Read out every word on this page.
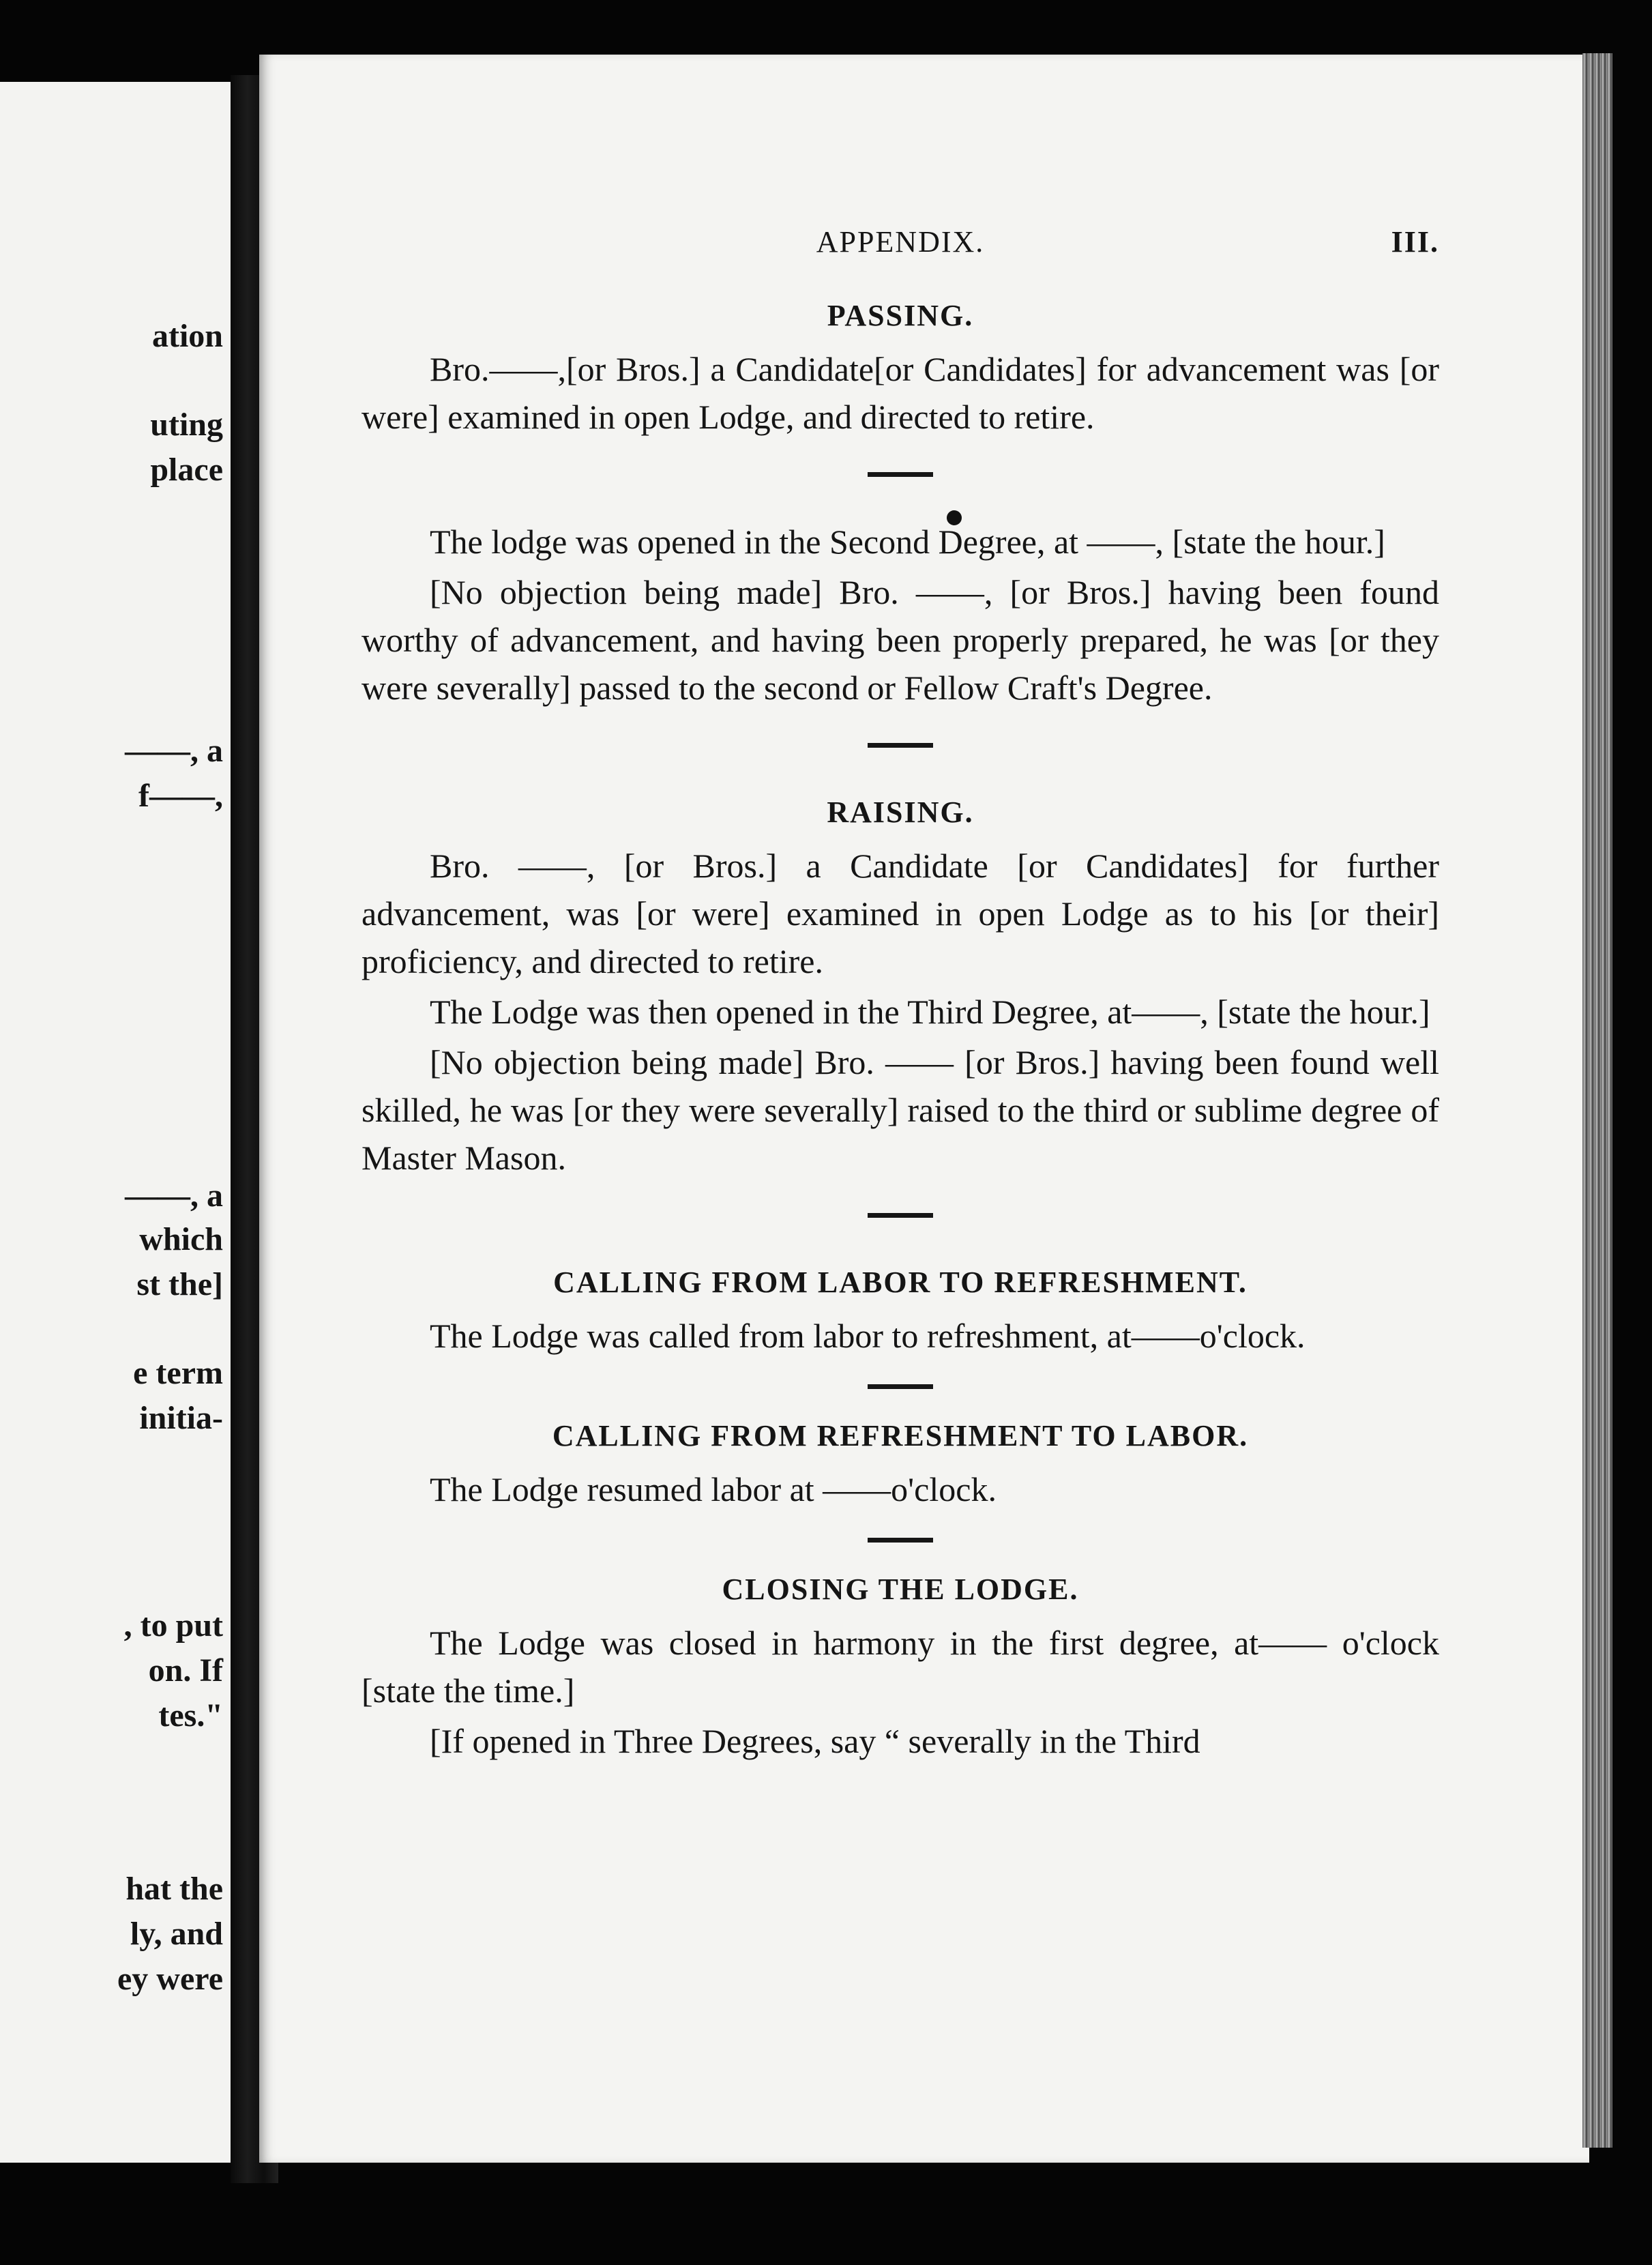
ation
uting
place
——, a
f——,
——, a
which
st the]
e term
initia-
, to put
on. If
tes."
hat the
ly, and
ey were
APPENDIX.	III.
PASSING.

Bro.——,[or Bros.] a Candidate[or Candidates] for advancement was [or were] examined in open Lodge, and directed to retire.

The lodge was opened in the Second Degree, at ——, [state the hour.]

[No objection being made] Bro. ——, [or Bros.] having been found worthy of advancement, and having been properly prepared, he was [or they were severally] passed to the second or Fellow Craft's Degree.

RAISING.

Bro. ——, [or Bros.] a Candidate [or Candidates] for further advancement, was [or were] examined in open Lodge as to his [or their] proficiency, and directed to retire.

The Lodge was then opened in the Third Degree, at——, [state the hour.]

[No objection being made] Bro. —— [or Bros.] having been found well skilled, he was [or they were severally] raised to the third or sublime degree of Master Mason.

CALLING FROM LABOR TO REFRESHMENT.

The Lodge was called from labor to refreshment, at——o'clock.

CALLING FROM REFRESHMENT TO LABOR.

The Lodge resumed labor at ——o'clock.

CLOSING THE LODGE.

The Lodge was closed in harmony in the first degree, at—— o'clock [state the time.]

[If opened in Three Degrees, say “ severally in the Third
